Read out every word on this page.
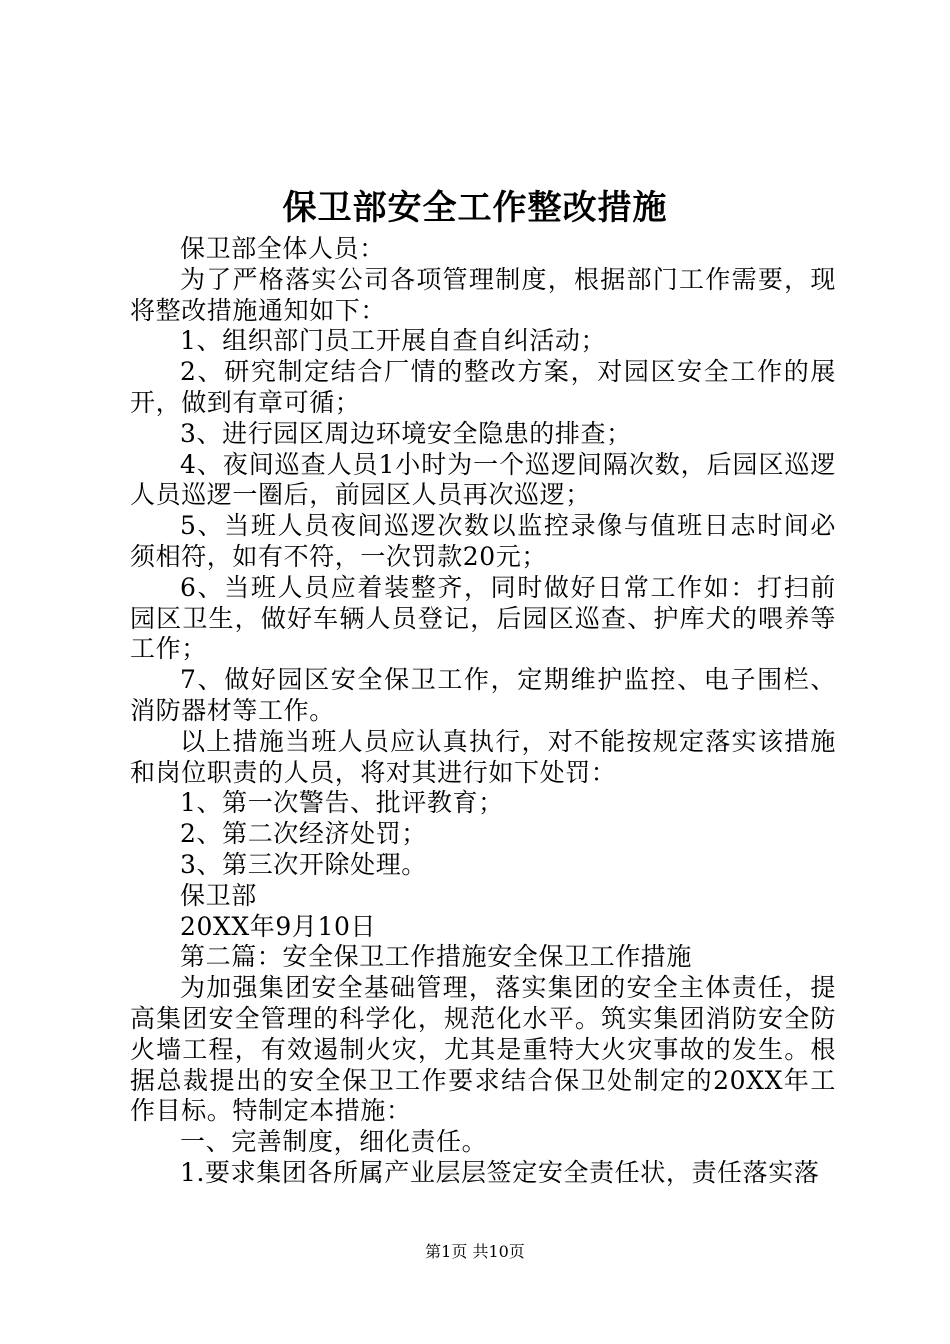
保卫部安全工作整改措施

保卫部全体人员：

为了严格落实公司各项管理制度，根据部门工作需要，现将整改措施通知如下：

1、组织部门员工开展自查自纠活动；

2、研究制定结合厂情的整改方案，对园区安全工作的展开，做到有章可循；

3、进行园区周边环境安全隐患的排查；

4、夜间巡查人员1小时为一个巡逻间隔次数，后园区巡逻人员巡逻一圈后，前园区人员再次巡逻；

5、当班人员夜间巡逻次数以监控录像与值班日志时间必须相符，如有不符，一次罚款20元；

6、当班人员应着装整齐，同时做好日常工作如：打扫前园区卫生，做好车辆人员登记，后园区巡查、护库犬的喂养等工作；

7、做好园区安全保卫工作，定期维护监控、电子围栏、消防器材等工作。

以上措施当班人员应认真执行，对不能按规定落实该措施和岗位职责的人员，将对其进行如下处罚：

1、第一次警告、批评教育；

2、第二次经济处罚；

3、第三次开除处理。

保卫部

20XX年9月10日

第二篇：安全保卫工作措施安全保卫工作措施

为加强集团安全基础管理，落实集团的安全主体责任，提高集团安全管理的科学化，规范化水平。筑实集团消防安全防火墙工程，有效遏制火灾，尤其是重特大火灾事故的发生。根据总裁提出的安全保卫工作要求结合保卫处制定的20XX年工作目标。特制定本措施：

一、完善制度，细化责任。

1.要求集团各所属产业层层签定安全责任状，责任落实落

第1页 共10页
